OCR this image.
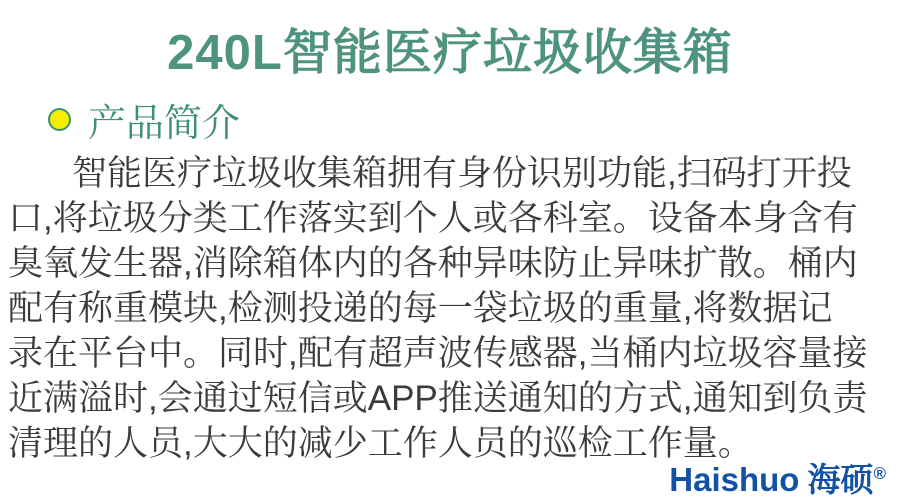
240L智能医疗垃圾收集箱
产品简介
智能医疗垃圾收集箱拥有身份识别功能,扫码打开投
口,将垃圾分类工作落实到个人或各科室。设备本身含有
臭氧发生器,消除箱体内的各种异味防止异味扩散。桶内
配有称重模块,检测投递的每一袋垃圾的重量,将数据记
录在平台中。同时,配有超声波传感器,当桶内垃圾容量接
近满溢时,会通过短信或APP推送通知的方式,通知到负责
清理的人员,大大的减少工作人员的巡检工作量。
Haishuo 海硕®
